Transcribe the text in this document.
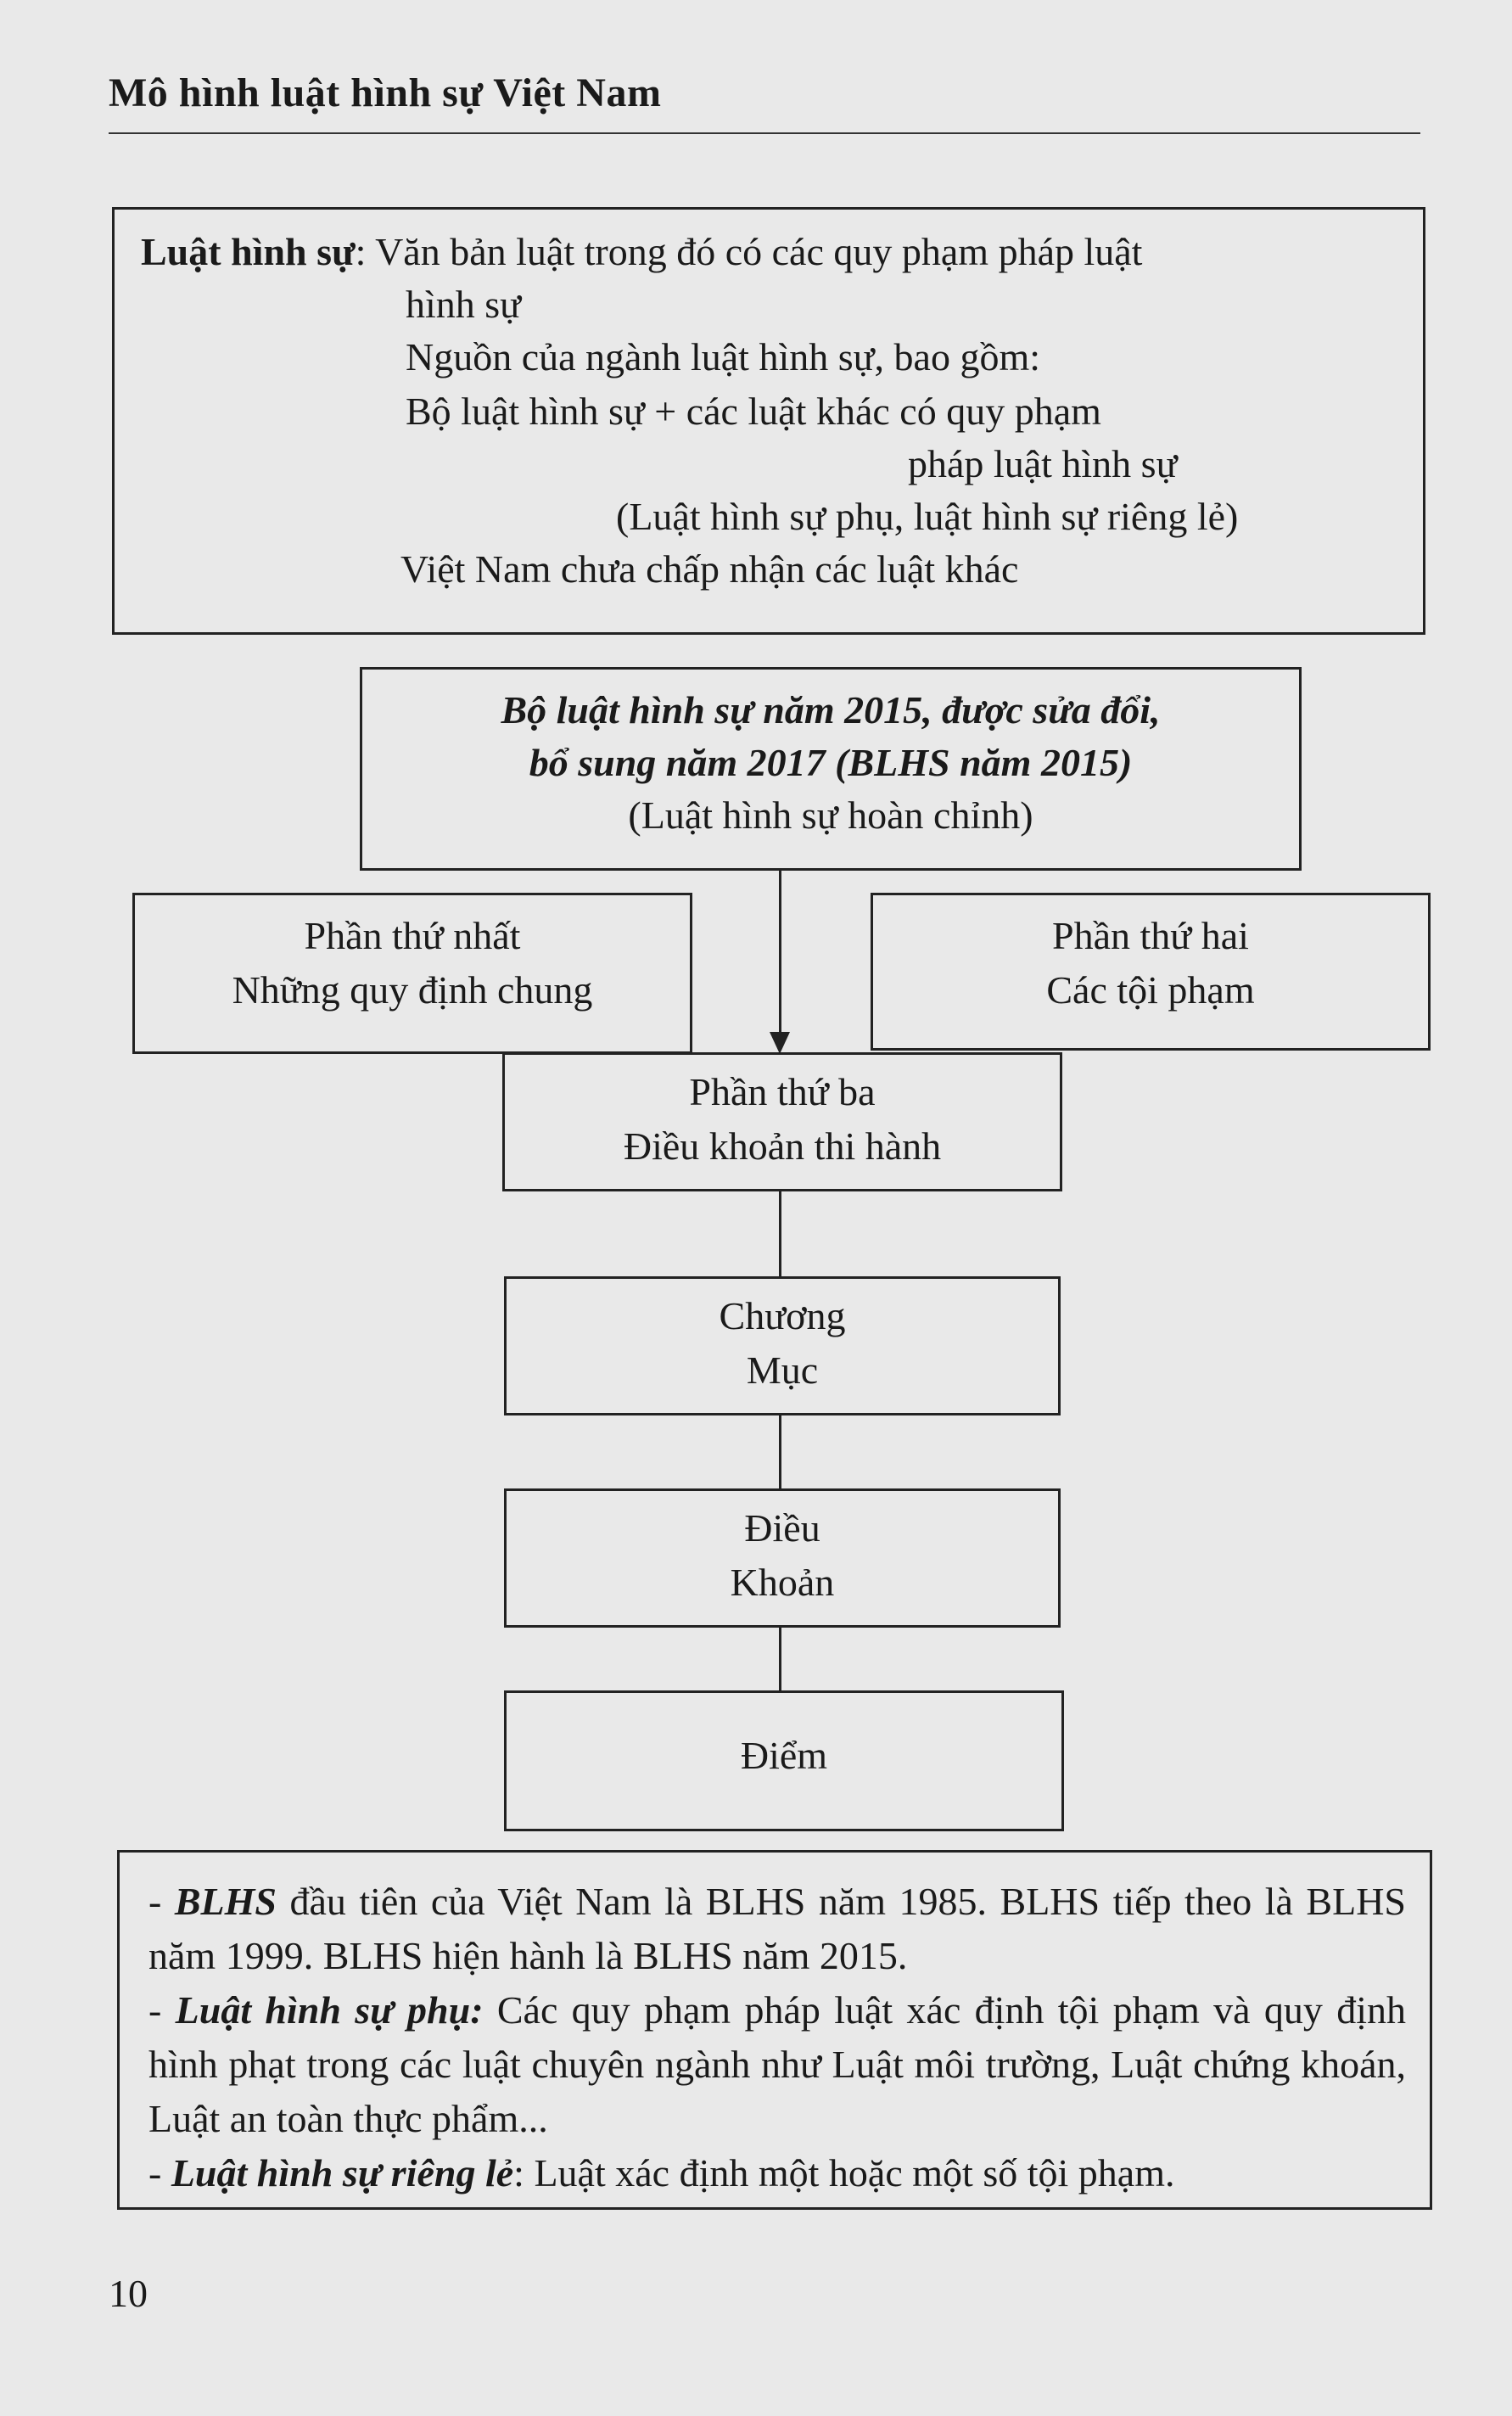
Mô hình luật hình sự Việt Nam
Luật hình sự: Văn bản luật trong đó có các quy phạm pháp luật
hình sự
Nguồn của ngành luật hình sự, bao gồm:
Bộ luật hình sự + các luật khác có quy phạm
pháp luật hình sự
(Luật hình sự phụ, luật hình sự riêng lẻ)
Việt Nam chưa chấp nhận các luật khác
Bộ luật hình sự năm 2015, được sửa đổi,
bổ sung năm 2017 (BLHS năm 2015)
(Luật hình sự hoàn chỉnh)
Phần thứ nhất
Những quy định chung
Phần thứ hai
Các tội phạm
Phần thứ ba
Điều khoản thi hành
Chương
Mục
Điều
Khoản
Điểm

- BLHS đầu tiên của Việt Nam là BLHS năm 1985. BLHS tiếp theo là BLHS năm 1999. BLHS hiện hành là BLHS năm 2015.

- Luật hình sự phụ: Các quy phạm pháp luật xác định tội phạm và quy định hình phạt trong các luật chuyên ngành như Luật môi trường, Luật chứng khoán, Luật an toàn thực phẩm...

- Luật hình sự riêng lẻ: Luật xác định một hoặc một số tội phạm.

10
